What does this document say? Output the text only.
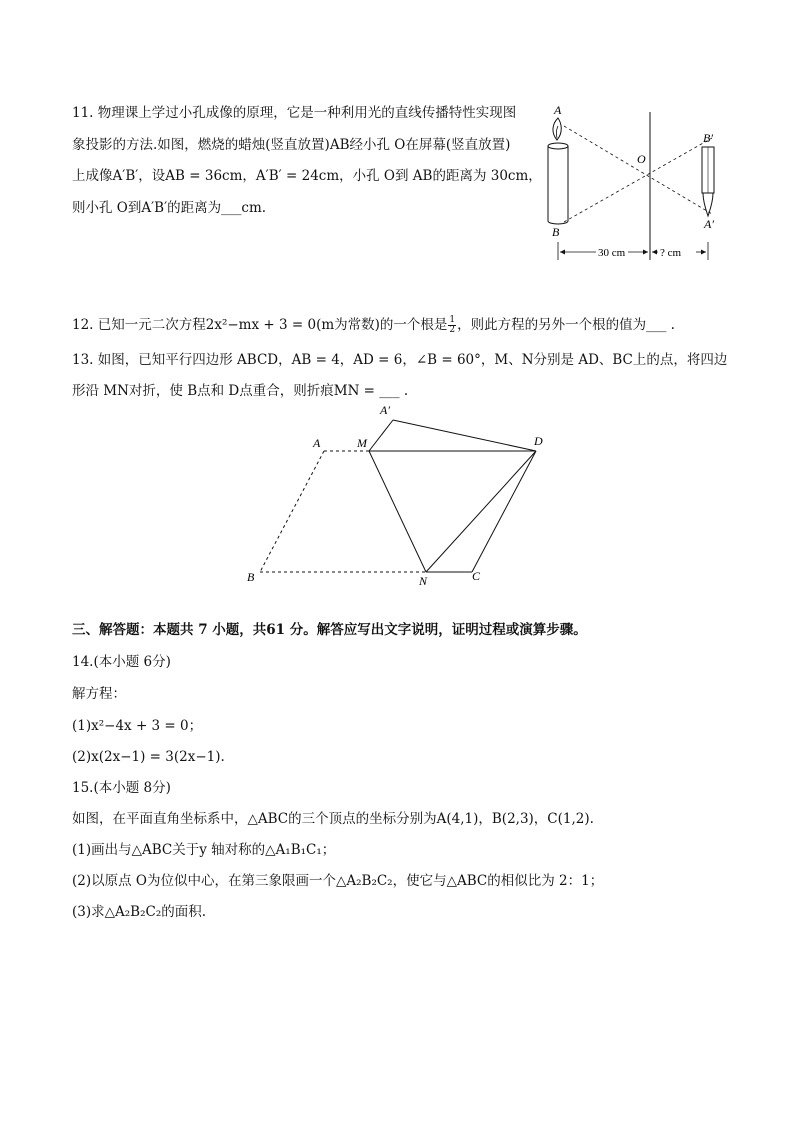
11. 物理课上学过小孔成像的原理，它是一种利用光的直线传播特性实现图
象投影的方法.如图，燃烧的蜡烛(竖直放置)AB经小孔 O在屏幕(竖直放置)
上成像A′B′，设AB = 36cm，A′B′ = 24cm，小孔 O到 AB的距离为 30cm，
则小孔 O到A′B′的距离为___cm.
A
B
O
B′
A′
30 cm	? cm
12. 已知一元二次方程2x²−mx + 3 = 0(m为常数)的一个根是 $\frac{1}{2}$ ，则此方程的另外一个根的值为___ .
13. 如图，已知平行四边形 ABCD，AB = 4，AD = 6，∠B = 60°，M、N分别是 AD、BC上的点，将四边
形沿 MN对折，使 B点和 D点重合，则折痕MN = ___ .
A
A′
M	D
B	N	C
三、解答题：本题共 7 小题，共61 分。解答应写出文字说明，证明过程或演算步骤。
14.(本小题 6分)
解方程：
(1)x²−4x + 3 = 0；
(2)x(2x−1) = 3(2x−1).
15.(本小题 8分)
如图，在平面直角坐标系中，△ABC的三个顶点的坐标分别为A(4,1)，B(2,3)，C(1,2).
(1)画出与△ABC关于y 轴对称的△A₁B₁C₁；
(2)以原点 O为位似中心，在第三象限画一个△A₂B₂C₂，使它与△ABC的相似比为 2：1；
(3)求△A₂B₂C₂的面积.
